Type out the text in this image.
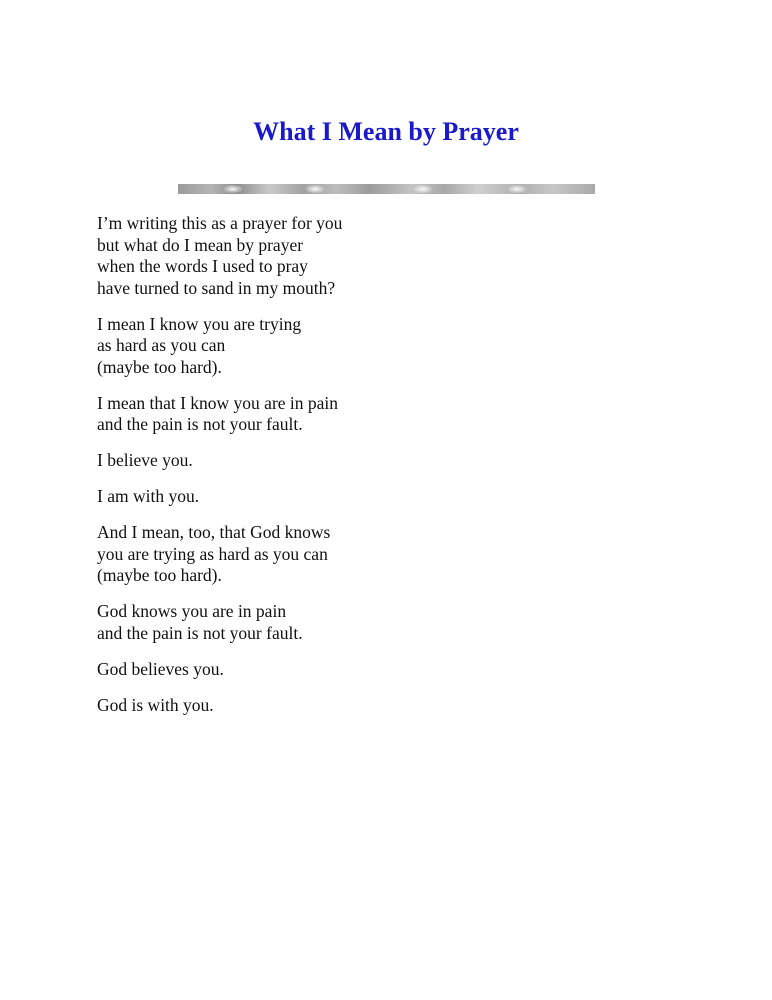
What I Mean by Prayer
I’m writing this as a prayer for you
but what do I mean by prayer
when the words I used to pray
have turned to sand in my mouth?
I mean I know you are trying
as hard as you can
(maybe too hard).
I mean that I know you are in pain
and the pain is not your fault.
I believe you.
I am with you.
And I mean, too, that God knows
you are trying as hard as you can
(maybe too hard).
God knows you are in pain
and the pain is not your fault.
God believes you.
God is with you.
